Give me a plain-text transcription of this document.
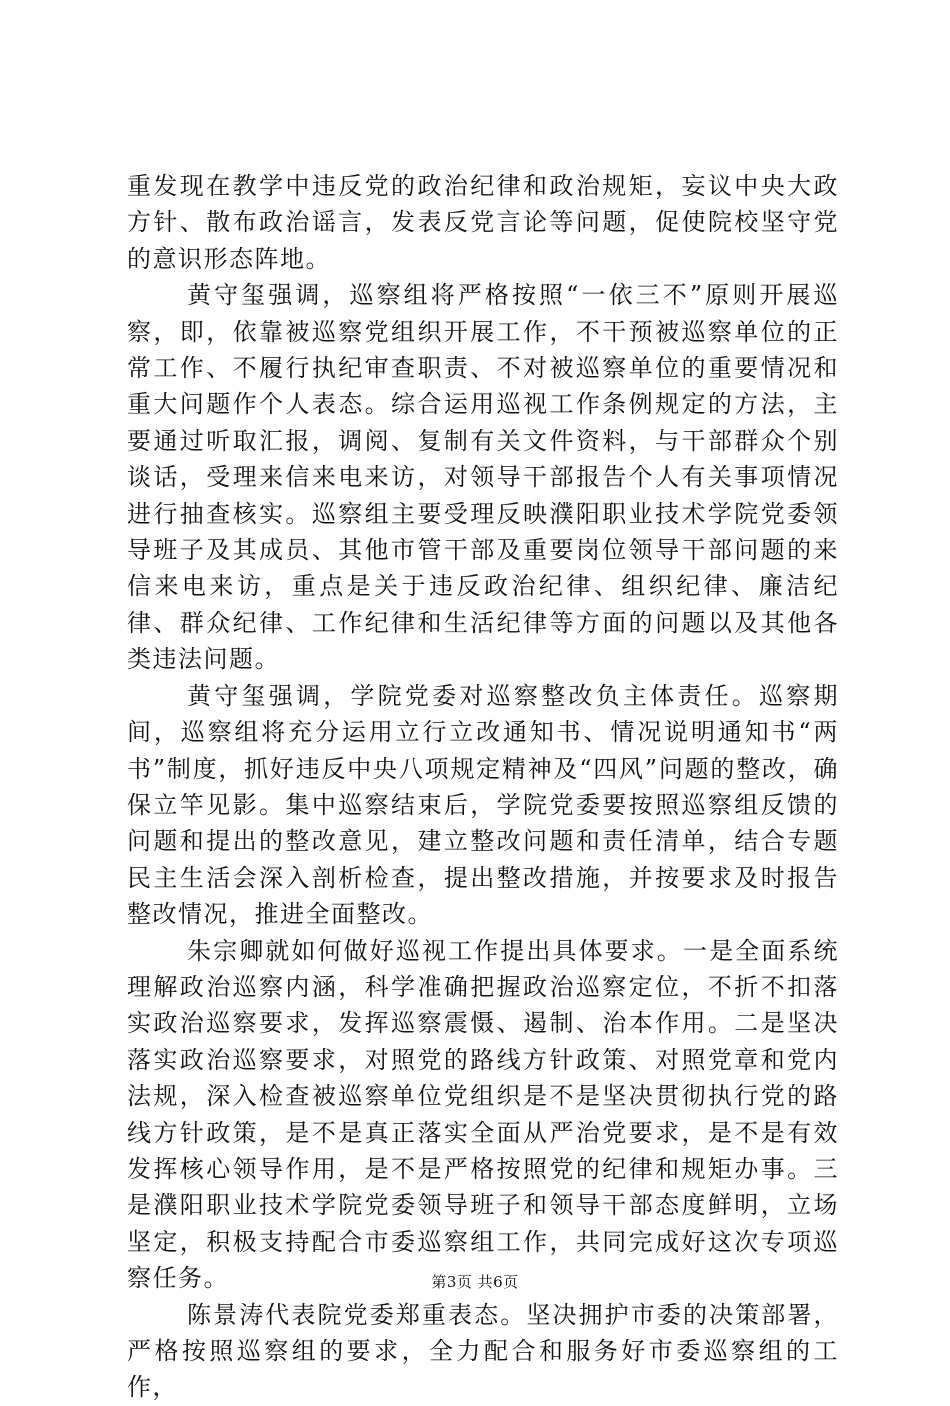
重发现在教学中违反党的政治纪律和政治规矩，妄议中央大政方针、散布政治谣言，发表反党言论等问题，促使院校坚守党的意识形态阵地。

黄守玺强调，巡察组将严格按照“一依三不”原则开展巡察，即，依靠被巡察党组织开展工作，不干预被巡察单位的正常工作、不履行执纪审查职责、不对被巡察单位的重要情况和重大问题作个人表态。综合运用巡视工作条例规定的方法，主要通过听取汇报，调阅、复制有关文件资料，与干部群众个别谈话，受理来信来电来访，对领导干部报告个人有关事项情况进行抽查核实。巡察组主要受理反映濮阳职业技术学院党委领导班子及其成员、其他市管干部及重要岗位领导干部问题的来信来电来访，重点是关于违反政治纪律、组织纪律、廉洁纪律、群众纪律、工作纪律和生活纪律等方面的问题以及其他各类违法问题。

黄守玺强调，学院党委对巡察整改负主体责任。巡察期间，巡察组将充分运用立行立改通知书、情况说明通知书“两书”制度，抓好违反中央八项规定精神及“四风”问题的整改，确保立竿见影。集中巡察结束后，学院党委要按照巡察组反馈的问题和提出的整改意见，建立整改问题和责任清单，结合专题民主生活会深入剖析检查，提出整改措施，并按要求及时报告整改情况，推进全面整改。

朱宗卿就如何做好巡视工作提出具体要求。一是全面系统理解政治巡察内涵，科学准确把握政治巡察定位，不折不扣落实政治巡察要求，发挥巡察震慑、遏制、治本作用。二是坚决落实政治巡察要求，对照党的路线方针政策、对照党章和党内法规，深入检查被巡察单位党组织是不是坚决贯彻执行党的路线方针政策，是不是真正落实全面从严治党要求，是不是有效发挥核心领导作用，是不是严格按照党的纪律和规矩办事。三是濮阳职业技术学院党委领导班子和领导干部态度鲜明，立场坚定，积极支持配合市委巡察组工作，共同完成好这次专项巡察任务。

陈景涛代表院党委郑重表态。坚决拥护市委的决策部署，严格按照巡察组的要求，全力配合和服务好市委巡察组的工作，

第3页 共6页
